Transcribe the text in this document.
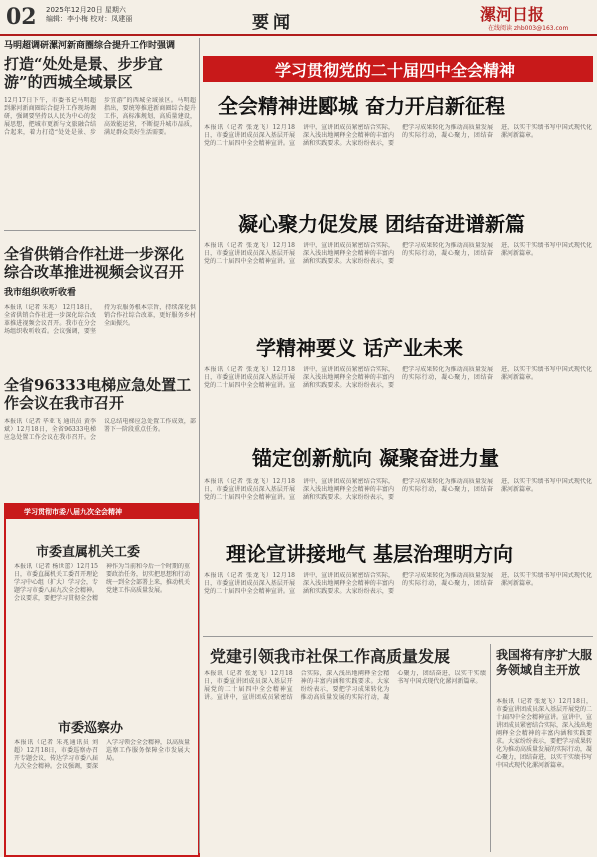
02 2025年12月20日 星期六
编辑：李小梅 校对：凤建丽	要闻	漯河日报
在线阅读 zhb003@163.com
马明超调研漯河新商圈综合提升工作时强调
打造“处处是景、步步宜游”的西城全域景区
12月17日下午，市委书记马明超到漯河新商圈综合提升工作现场调研，强调要坚持以人民为中心的发展思想，把城市更新与文旅融合结合起来，着力打造“处处是景、步步宜游”的西城全域景区。马明超指出，要统筹推进新商圈综合提升工作，高标准规划，高质量建设，高效能运营，不断提升城市品质，满足群众美好生活需要。
全省供销合作社进一步深化综合改革推进视频会议召开
我市组织收听收看
本报讯（记者 朱兆） 12月18日，全省供销合作社进一步深化综合改革推进视频会议召开。我市在分会场组织收听收看。会议强调，要坚持为农服务根本宗旨，持续深化供销合作社综合改革，更好服务乡村全面振兴。
全省96333电梯应急处置工作会议在我市召开
本报讯（记者 毕亚飞 通讯员 黄李斌）12月18日，全省96333电梯应急处置工作会议在我市召开。会议总结电梯应急处置工作成效，部署下一阶段重点任务。
学习贯彻市委八届九次全会精神
市委直属机关工委
本报讯（记者 杨世蕾）12月15日，市委直属机关工委召开理论学习中心组（扩大）学习会，专题学习市委八届九次全会精神。会议要求，要把学习贯彻全会精神作为当前和今后一个时期的重要政治任务，切实把思想和行动统一到全会部署上来，推动机关党建工作高质量发展。
市委巡察办
本报讯（记者 朱兆通讯员 刘超）12月18日，市委巡察办召开专题会议，传达学习市委八届九次全会精神。会议强调，要深入学习领会全会精神，以高质量巡察工作服务保障全市发展大局。
学习贯彻党的二十届四中全会精神
全会精神进郾城 奋力开启新征程
本报讯（记者 张龙飞）12月18日，市委宣讲团成员深入基层开展党的二十届四中全会精神宣讲。宣讲中，宣讲团成员紧密结合实际，深入浅出地阐释全会精神的丰富内涵和实践要求。大家纷纷表示，要把学习成果转化为推动高质量发展的实际行动，凝心聚力，团结奋进，以实干实绩书写中国式现代化漯河新篇章。
凝心聚力促发展 团结奋进谱新篇
本报讯（记者 张龙飞）12月18日，市委宣讲团成员深入基层开展党的二十届四中全会精神宣讲。宣讲中，宣讲团成员紧密结合实际，深入浅出地阐释全会精神的丰富内涵和实践要求。大家纷纷表示，要把学习成果转化为推动高质量发展的实际行动，凝心聚力，团结奋进，以实干实绩书写中国式现代化漯河新篇章。
学精神要义 话产业未来
本报讯（记者 张龙飞）12月18日，市委宣讲团成员深入基层开展党的二十届四中全会精神宣讲。宣讲中，宣讲团成员紧密结合实际，深入浅出地阐释全会精神的丰富内涵和实践要求。大家纷纷表示，要把学习成果转化为推动高质量发展的实际行动，凝心聚力，团结奋进，以实干实绩书写中国式现代化漯河新篇章。
锚定创新航向 凝聚奋进力量
本报讯（记者 张龙飞）12月18日，市委宣讲团成员深入基层开展党的二十届四中全会精神宣讲。宣讲中，宣讲团成员紧密结合实际，深入浅出地阐释全会精神的丰富内涵和实践要求。大家纷纷表示，要把学习成果转化为推动高质量发展的实际行动，凝心聚力，团结奋进，以实干实绩书写中国式现代化漯河新篇章。
理论宣讲接地气 基层治理明方向
本报讯（记者 张龙飞）12月18日，市委宣讲团成员深入基层开展党的二十届四中全会精神宣讲。宣讲中，宣讲团成员紧密结合实际，深入浅出地阐释全会精神的丰富内涵和实践要求。大家纷纷表示，要把学习成果转化为推动高质量发展的实际行动，凝心聚力，团结奋进，以实干实绩书写中国式现代化漯河新篇章。
党建引领我市社保工作高质量发展
本报讯（记者 张龙飞）12月18日，市委宣讲团成员深入基层开展党的二十届四中全会精神宣讲。宣讲中，宣讲团成员紧密结合实际，深入浅出地阐释全会精神的丰富内涵和实践要求。大家纷纷表示，要把学习成果转化为推动高质量发展的实际行动，凝心聚力，团结奋进，以实干实绩书写中国式现代化漯河新篇章。
我国将有序扩大服务领域自主开放
本报讯（记者 张龙飞）12月18日，市委宣讲团成员深入基层开展党的二十届四中全会精神宣讲。宣讲中，宣讲团成员紧密结合实际，深入浅出地阐释全会精神的丰富内涵和实践要求。大家纷纷表示，要把学习成果转化为推动高质量发展的实际行动，凝心聚力，团结奋进，以实干实绩书写中国式现代化漯河新篇章。
